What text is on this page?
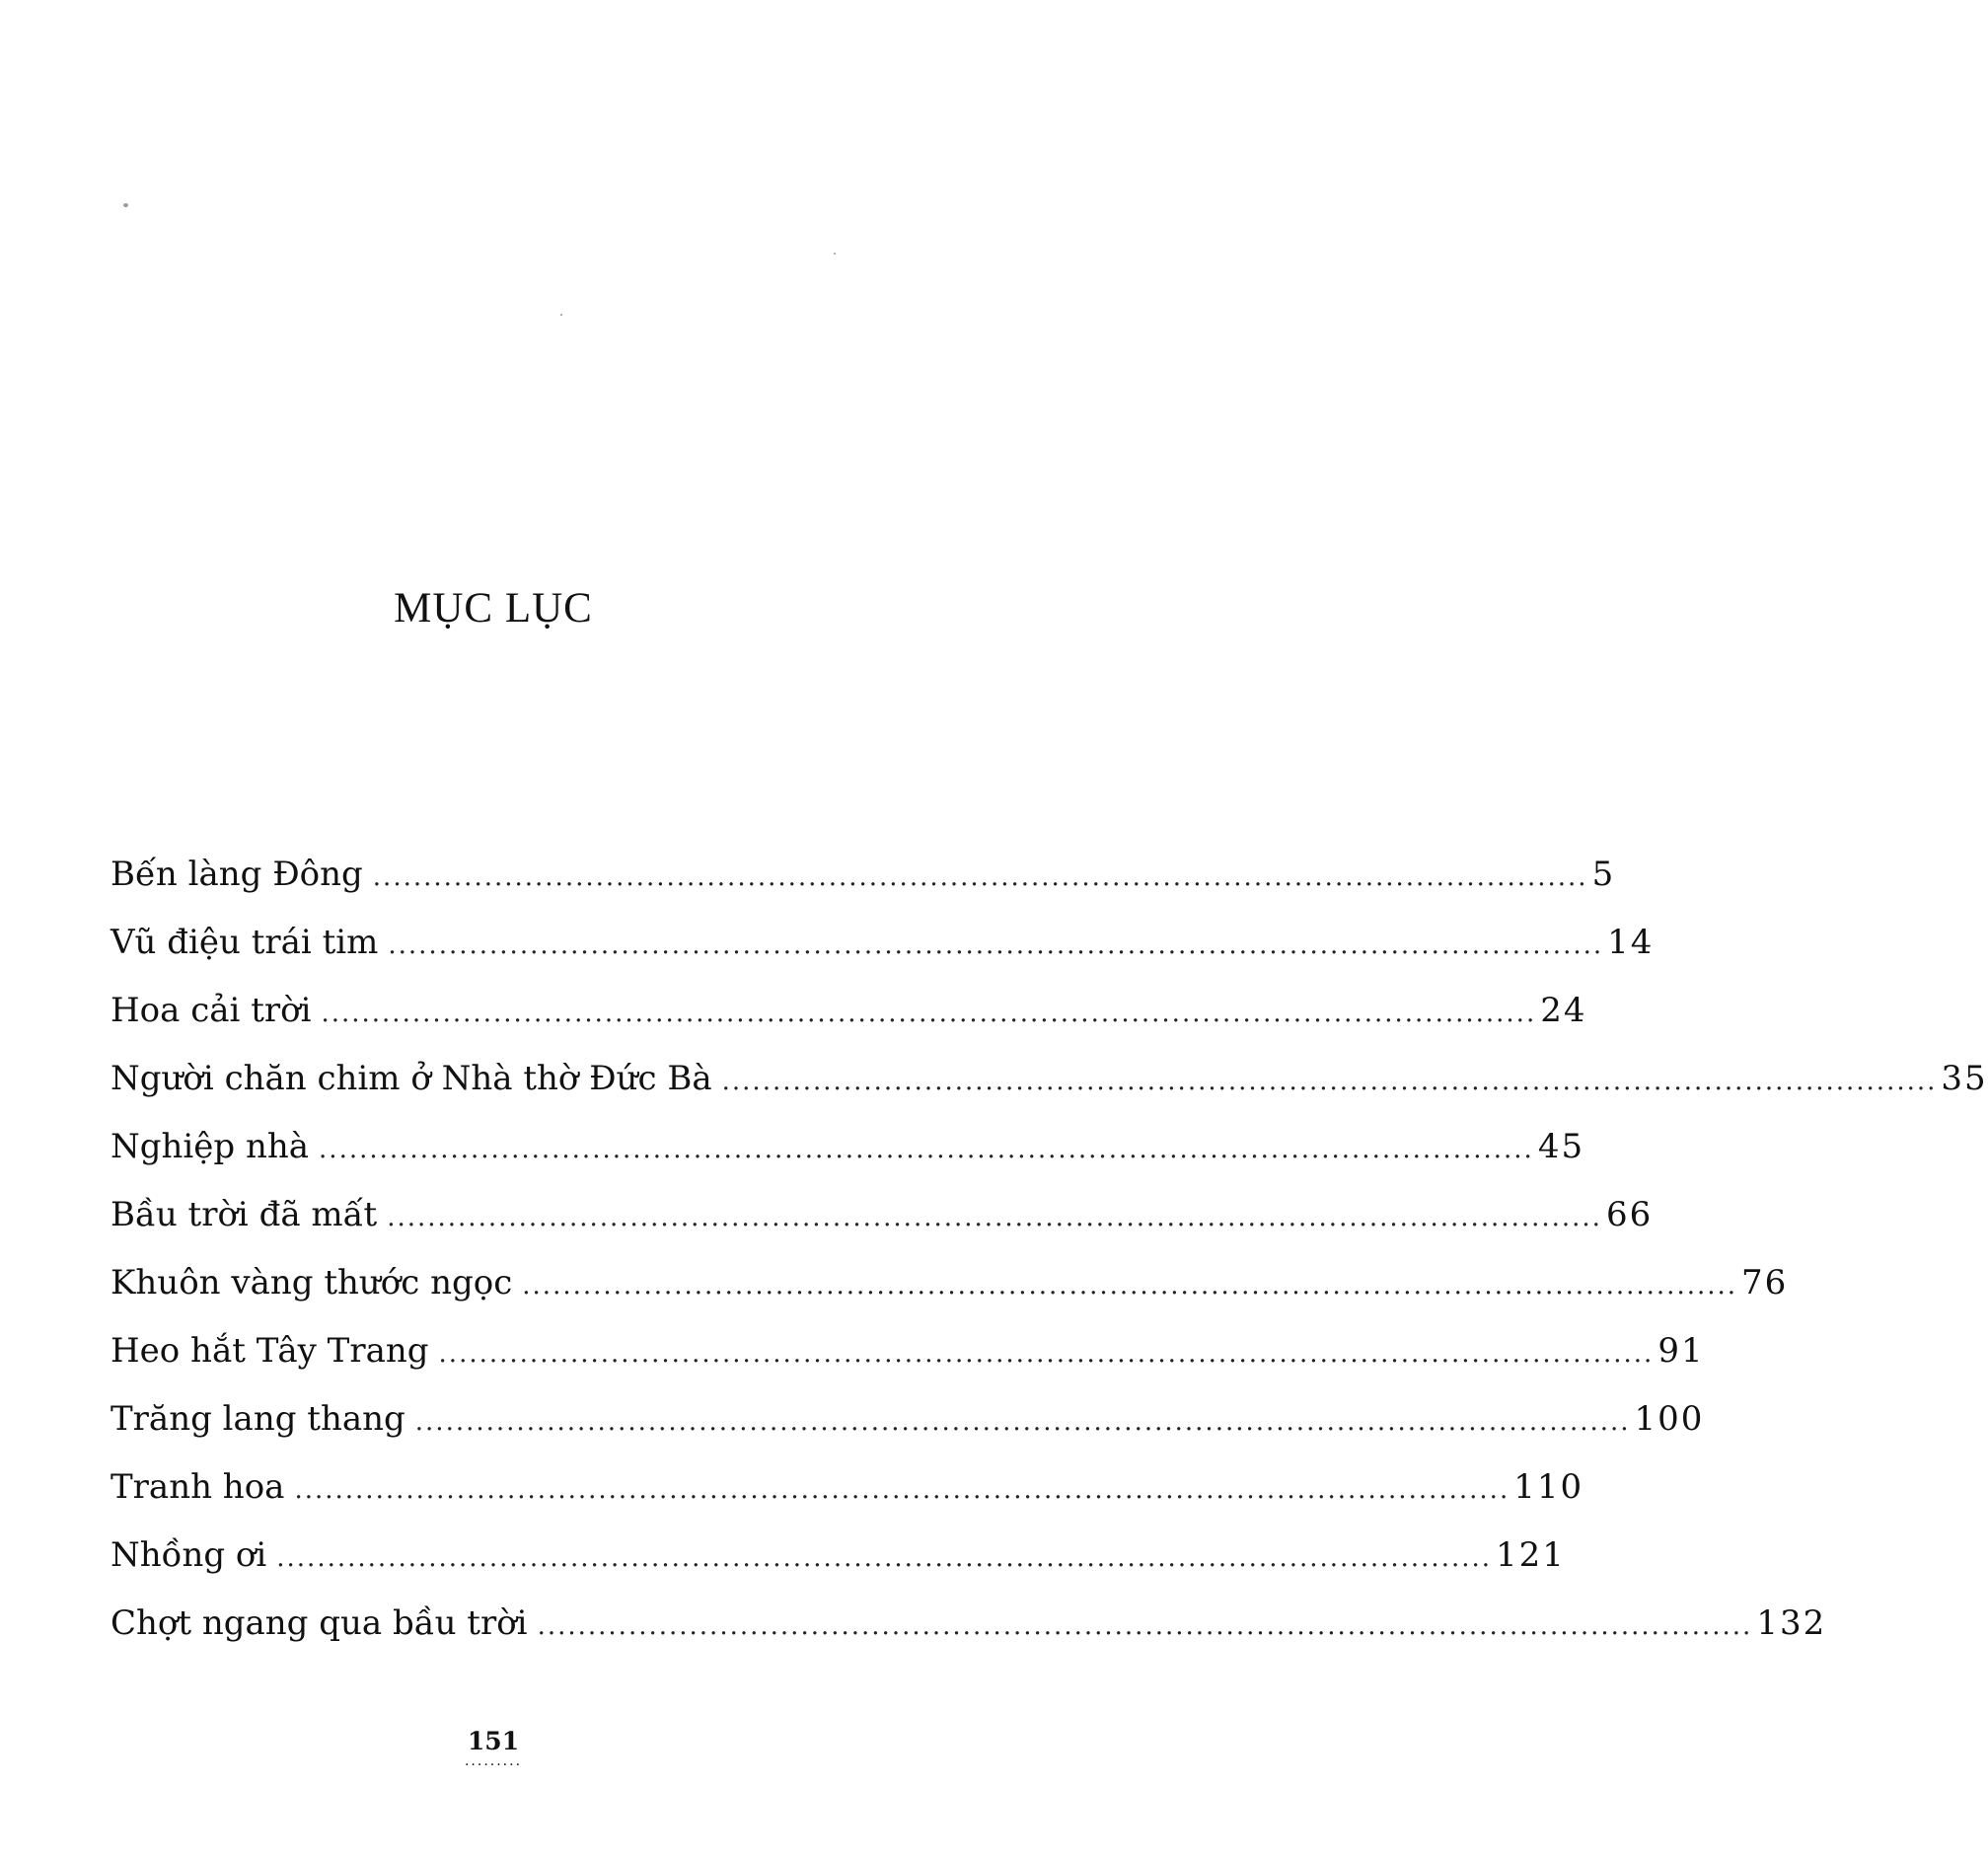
MỤC LỤC
Bến làng Đông ........................................................................................................................ 5
Vũ điệu trái tim ........................................................................................................................ 14
Hoa cải trời ........................................................................................................................ 24
Người chăn chim ở Nhà thờ Đức Bà ........................................................................................................................ 35
Nghiệp nhà ........................................................................................................................ 45
Bầu trời đã mất ........................................................................................................................ 66
Khuôn vàng thước ngọc ........................................................................................................................ 76
Heo hắt Tây Trang ........................................................................................................................ 91
Trăng lang thang ........................................................................................................................ 100
Tranh hoa ........................................................................................................................ 110
Nhồng ơi ........................................................................................................................ 121
Chợt ngang qua bầu trời ........................................................................................................................ 132
151
.........
